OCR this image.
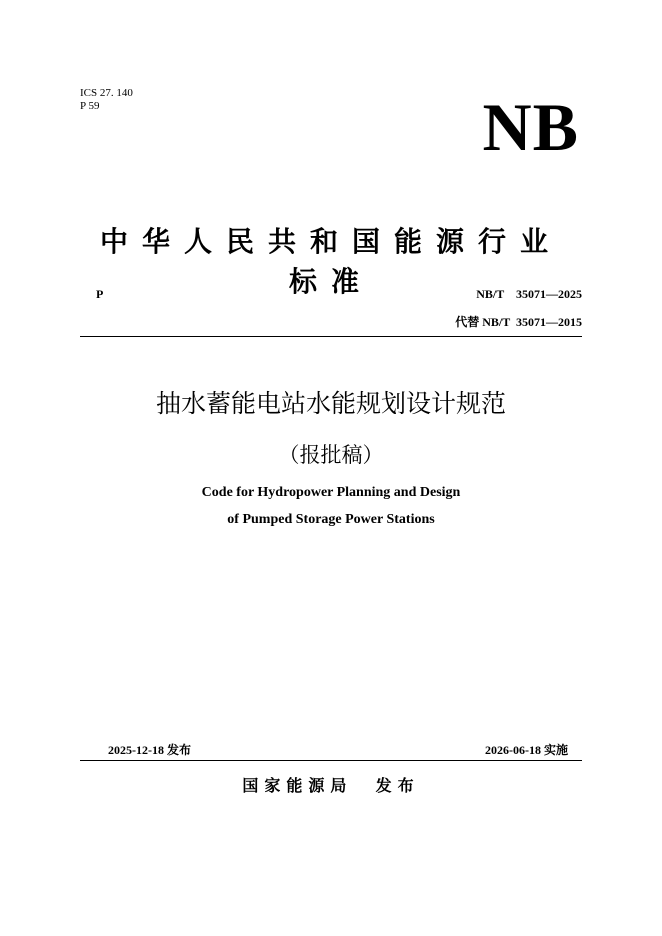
ICS 27. 140
P 59	NB
中华人民共和国能源行业标准
P	NB/T    35071—2025
代替 NB/T  35071—2015
抽水蓄能电站水能规划设计规范
（报批稿）
Code for Hydropower Planning and Design
of Pumped Storage Power Stations
2025-12-18 发布	2026-06-18 实施
国家能源局  发布
